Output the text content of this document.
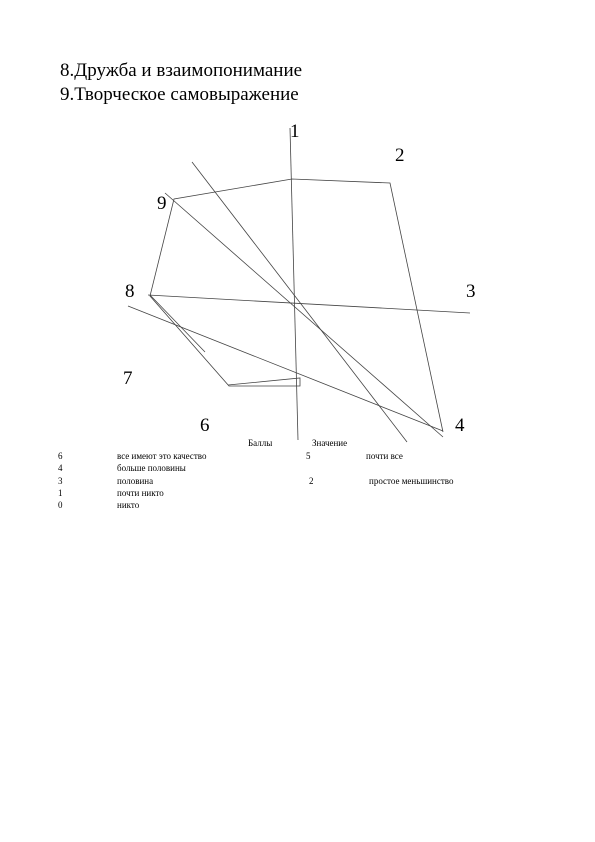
8.Дружба и взаимопонимание
9.Творческое самовыражение
1
2
3
4
6
7
8
9
Баллы	Значение
6	все имеют это качество
4	больше половины
3	половина
1	почти никто
0	никто
5	почти все
2	простое меньшинство
